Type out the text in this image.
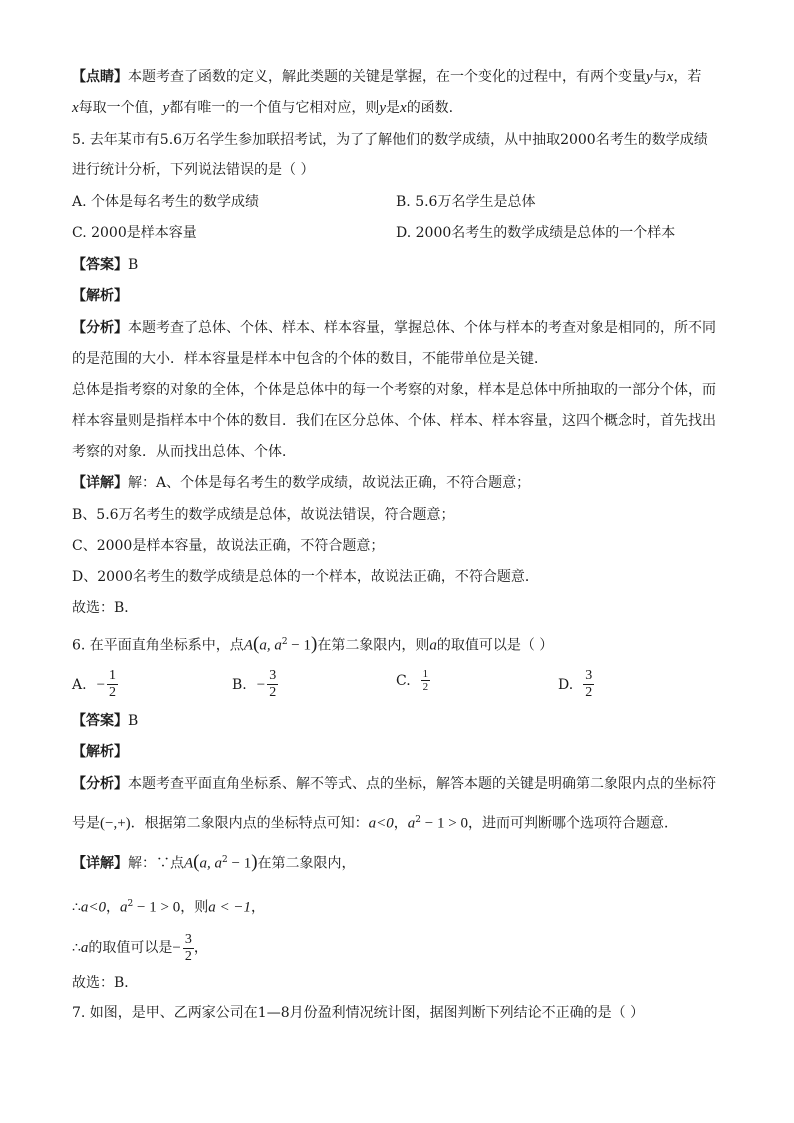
【点睛】本题考查了函数的定义，解此类题的关键是掌握，在一个变化的过程中，有两个变量y与x，若
x每取一个值，y都有唯一的一个值与它相对应，则y是x的函数.
5. 去年某市有5.6万名学生参加联招考试，为了了解他们的数学成绩，从中抽取2000名考生的数学成绩
进行统计分析，下列说法错误的是（ ）
A. 个体是每名考生的数学成绩	B. 5.6万名学生是总体
C. 2000是样本容量	D. 2000名考生的数学成绩是总体的一个样本
【答案】B
【解析】
【分析】本题考查了总体、个体、样本、样本容量，掌握总体、个体与样本的考查对象是相同的，所不同
的是范围的大小．样本容量是样本中包含的个体的数目，不能带单位是关键．
总体是指考察的对象的全体，个体是总体中的每一个考察的对象，样本是总体中所抽取的一部分个体，而
样本容量则是指样本中个体的数目．我们在区分总体、个体、样本、样本容量，这四个概念时，首先找出
考察的对象．从而找出总体、个体．
【详解】解：A、个体是每名考生的数学成绩，故说法正确，不符合题意；
B、5.6万名考生的数学成绩是总体，故说法错误，符合题意；
C、2000是样本容量，故说法正确，不符合题意；
D、2000名考生的数学成绩是总体的一个样本，故说法正确，不符合题意．
故选：B．
6. 在平面直角坐标系中，点A(a, $a^2 - 1$)在第二象限内，则a的取值可以是（ ）
A. − $\frac{1}{2}$	B. − $\frac{3}{2}$	C. $\frac{1}{2}$	D. $\frac{3}{2}$
【答案】B
【解析】
【分析】本题考查平面直角坐标系、解不等式、点的坐标，解答本题的关键是明确第二象限内点的坐标符
号是(−,+)．根据第二象限内点的坐标特点可知：a<0，$a^2 - 1 > 0$，进而可判断哪个选项符合题意．
【详解】解：∵点A(a, $a^2 - 1$)在第二象限内，
∴a<0，$a^2 - 1 > 0$，则a < −1，
∴a的取值可以是− $\frac{3}{2}$ ，
故选：B．
7. 如图，是甲、乙两家公司在1—8月份盈利情况统计图，据图判断下列结论不正确的是（ ）
